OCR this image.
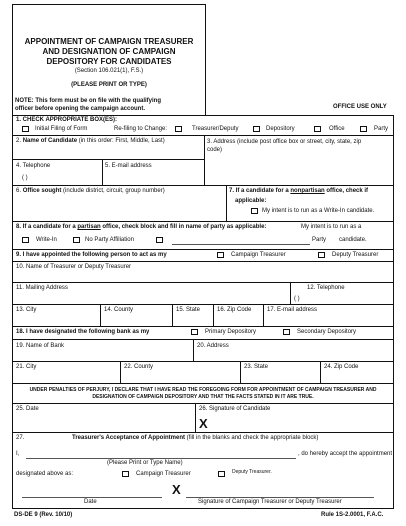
APPOINTMENT OF CAMPAIGN TREASURER
AND DESIGNATION OF CAMPAIGN
DEPOSITORY FOR CANDIDATES
(Section 106.021(1), F.S.)
(PLEASE PRINT OR TYPE)
NOTE: This form must be on file with the qualifying
officer before opening the campaign account.	OFFICE USE ONLY
1. CHECK APPROPRIATE BOX(ES):
Initial Filing of Form	Re-filing to Change:	Treasurer/Deputy	Depository	Office	Party
2. Name of Candidate (in this order: First, Middle, Last)	3. Address (include post office box or street, city, state, zip
code)
4. Telephone
( )
5. E-mail address
6. Office sought (include district, circuit, group number)	7. If a candidate for a nonpartisan office, check if
applicable:
My intent is to run as a Write-In candidate.
8. If a candidate for a partisan office, check block and fill in name of party as applicable:	My intent is to run as a
Write-In	No Party Affiliation	Party candidate.
9. I have appointed the following person to act as my	Campaign Treasurer	Deputy Treasurer
10. Name of Treasurer or Deputy Treasurer
11. Mailing Address	12. Telephone
( )
13. City	14. County	15. State	16. Zip Code	17. E-mail address
18. I have designated the following bank as my	Primary Depository	Secondary Depository
19. Name of Bank	20. Address
21. City	22. County	23. State	24. Zip Code
UNDER PENALTIES OF PERJURY, I DECLARE THAT I HAVE READ THE FOREGOING FORM FOR APPOINTMENT OF CAMPAIGN TREASURER AND
DESIGNATION OF CAMPAIGN DEPOSITORY AND THAT THE FACTS STATED IN IT ARE TRUE.
25. Date	26. Signature of Candidate
X
27.	Treasurer's Acceptance of Appointment (fill in the blanks and check the appropriate block)
I,	, do hereby accept the appointment
(Please Print or Type Name)
designated above as:	Campaign Treasurer	Deputy Treasurer.
X
Date	Signature of Campaign Treasurer or Deputy Treasurer
DS-DE 9 (Rev. 10/10)	Rule 1S-2.0001, F.A.C.
